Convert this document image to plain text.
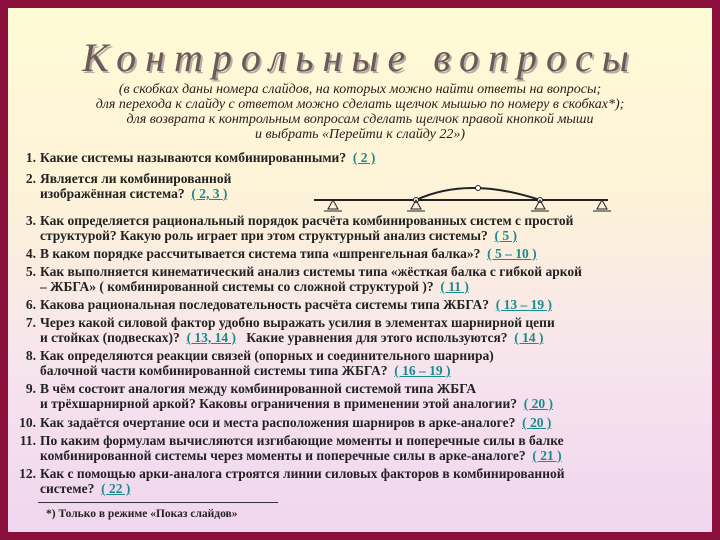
Контрольные вопросы
(в скобках даны номера слайдов, на которых можно найти ответы на вопросы;
для перехода к слайду с ответом можно сделать щелчок мышью по номеру в скобках*);
для возврата к контрольным вопросам сделать щелчок правой кнопкой мыши
и выбрать «Перейти к слайду 22»)
1. Какие системы называются комбинированными? ( 2 )
2. Является ли комбинированной
изображённая система? ( 2, 3 )
3. Как определяется рациональный порядок расчёта комбинированных систем с простой
структурой? Какую роль играет при этом структурный анализ системы? ( 5 )
4. В каком порядке рассчитывается система типа «шпренгельная балка»? ( 5 – 10 )
5. Как выполняется кинематический анализ системы типа «жёсткая балка с гибкой аркой
– ЖБГА» ( комбинированной системы со сложной структурой )? ( 11 )
6. Какова рациональная последовательность расчёта системы типа ЖБГА? ( 13 – 19 )
7. Через какой силовой фактор удобно выражать усилия в элементах шарнирной цепи
и стойках (подвесках)? ( 13, 14 ) Какие уравнения для этого используются? ( 14 )
8. Как определяются реакции связей (опорных и соединительного шарнира)
балочной части комбинированной системы типа ЖБГА? ( 16 – 19 )
9. В чём состоит аналогия между комбинированной системой типа ЖБГА
и трёхшарнирной аркой? Каковы ограничения в применении этой аналогии? ( 20 )
10. Как задаётся очертание оси и места расположения шарниров в арке-аналоге? ( 20 )
11. По каким формулам вычисляются изгибающие моменты и поперечные силы в балке
комбинированной системы через моменты и поперечные силы в арке-аналоге? ( 21 )
12. Как с помощью арки-аналога строятся линии силовых факторов в комбинированной
системе? ( 22 )
*) Только в режиме «Показ слайдов»
